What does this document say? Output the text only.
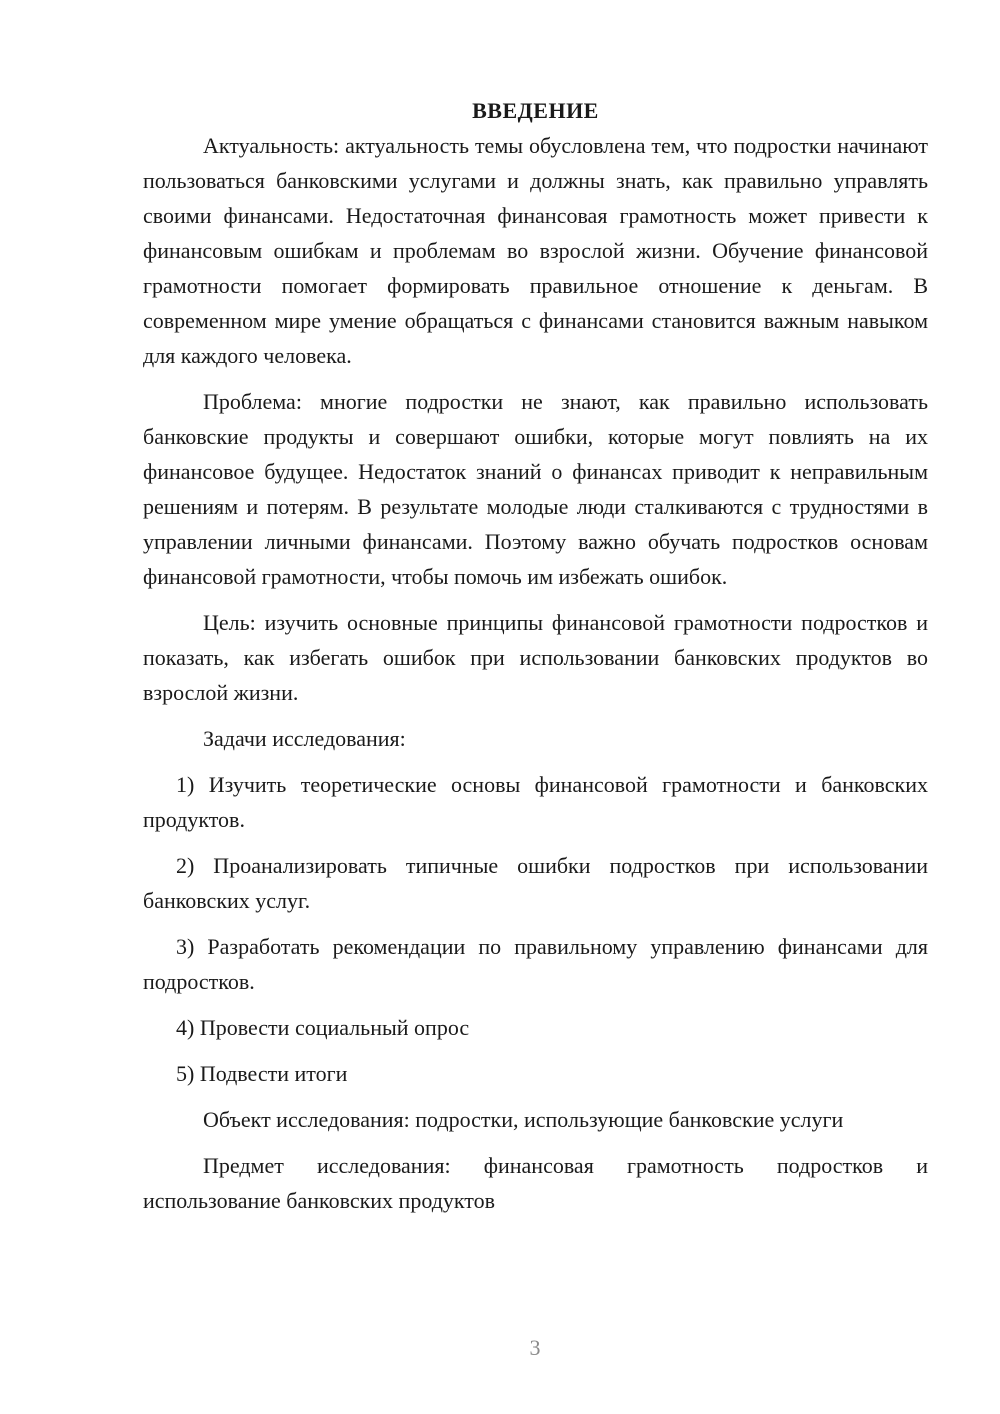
ВВЕДЕНИЕ

Актуальность: актуальность темы обусловлена тем, что подростки начинают пользоваться банковскими услугами и должны знать, как правильно управлять своими финансами. Недостаточная финансовая грамотность может привести к финансовым ошибкам и проблемам во взрослой жизни. Обучение финансовой грамотности помогает формировать правильное отношение к деньгам. В современном мире умение обращаться с финансами становится важным навыком для каждого человека.

Проблема: многие подростки не знают, как правильно использовать банковские продукты и совершают ошибки, которые могут повлиять на их финансовое будущее. Недостаток знаний о финансах приводит к неправильным решениям и потерям. В результате молодые люди сталкиваются с трудностями в управлении личными финансами. Поэтому важно обучать подростков основам финансовой грамотности, чтобы помочь им избежать ошибок.

Цель: изучить основные принципы финансовой грамотности подростков и показать, как избегать ошибок при использовании банковских продуктов во взрослой жизни.

Задачи исследования:

1) Изучить теоретические основы финансовой грамотности и банковских продуктов.

2) Проанализировать типичные ошибки подростков при использовании банковских услуг.

3) Разработать рекомендации по правильному управлению финансами для подростков.

4) Провести социальный опрос

5) Подвести итоги

Объект исследования: подростки, использующие банковские услуги

Предмет исследования: финансовая грамотность подростков и использование банковских продуктов

3
